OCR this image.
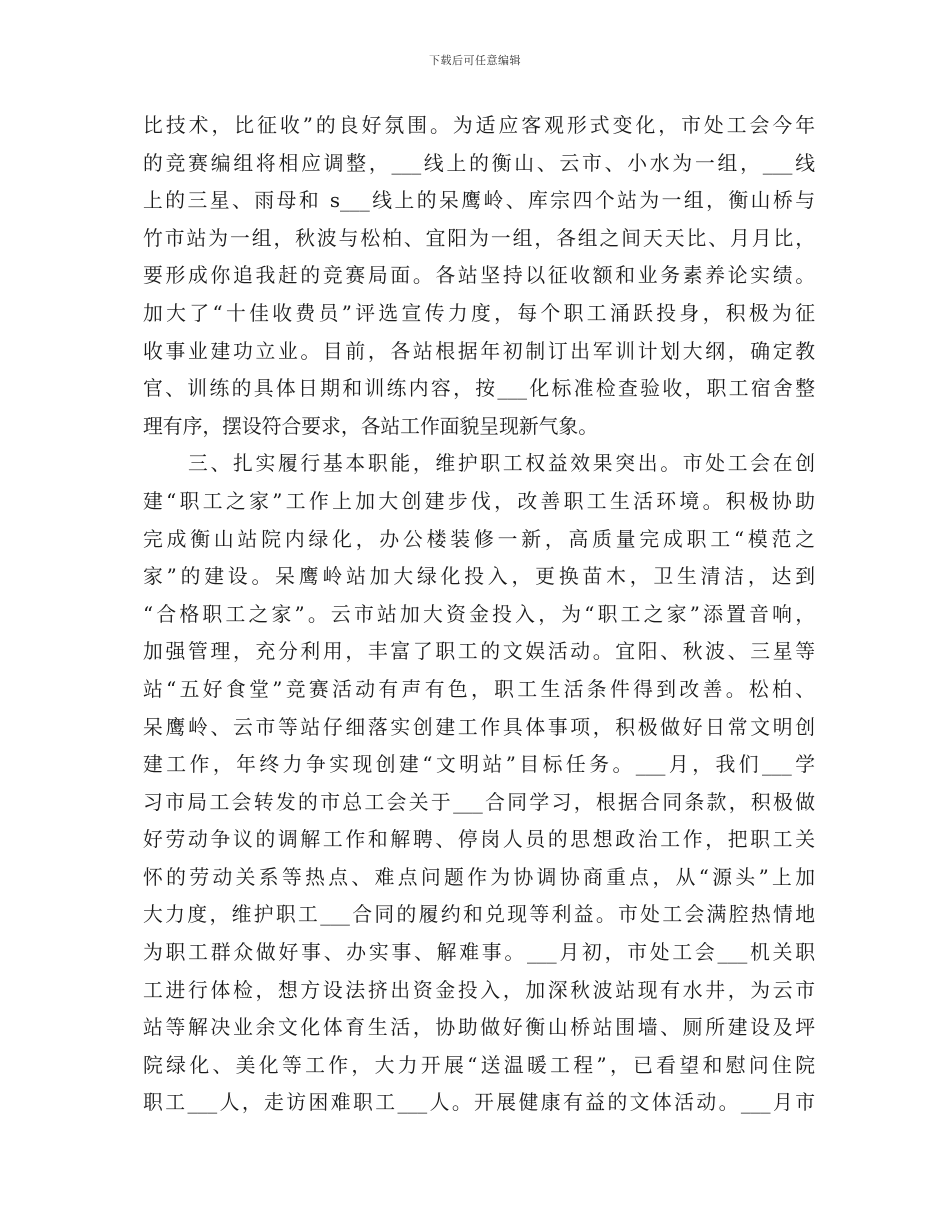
下载后可任意编辑
比技术，比征收”的良好氛围。为适应客观形式变化，市处工会今年
的竞赛编组将相应调整，___线上的衡山、云市、小水为一组，___线
上的三星、雨母和 s___线上的呆鹰岭、库宗四个站为一组，衡山桥与
竹市站为一组，秋波与松柏、宜阳为一组，各组之间天天比、月月比，
要形成你追我赶的竞赛局面。各站坚持以征收额和业务素养论实绩。
加大了“十佳收费员”评选宣传力度，每个职工涌跃投身，积极为征
收事业建功立业。目前，各站根据年初制订出军训计划大纲，确定教
官、训练的具体日期和训练内容，按___化标准检查验收，职工宿舍整
理有序，摆设符合要求，各站工作面貌呈现新气象。
　　三、扎实履行基本职能，维护职工权益效果突出。市处工会在创
建“职工之家”工作上加大创建步伐，改善职工生活环境。积极协助
完成衡山站院内绿化，办公楼装修一新，高质量完成职工“模范之
家”的建设。呆鹰岭站加大绿化投入，更换苗木，卫生清洁，达到
“合格职工之家”。云市站加大资金投入，为“职工之家”添置音响，
加强管理，充分利用，丰富了职工的文娱活动。宜阳、秋波、三星等
站“五好食堂”竞赛活动有声有色，职工生活条件得到改善。松柏、
呆鹰岭、云市等站仔细落实创建工作具体事项，积极做好日常文明创
建工作，年终力争实现创建“文明站”目标任务。___月，我们___学
习市局工会转发的市总工会关于___合同学习，根据合同条款，积极做
好劳动争议的调解工作和解聘、停岗人员的思想政治工作，把职工关
怀的劳动关系等热点、难点问题作为协调协商重点，从“源头”上加
大力度，维护职工___合同的履约和兑现等利益。市处工会满腔热情地
为职工群众做好事、办实事、解难事。___月初，市处工会___机关职
工进行体检，想方设法挤出资金投入，加深秋波站现有水井，为云市
站等解决业余文化体育生活，协助做好衡山桥站围墙、厕所建设及坪
院绿化、美化等工作，大力开展“送温暖工程”，已看望和慰问住院
职工___人，走访困难职工___人。开展健康有益的文体活动。___月市
